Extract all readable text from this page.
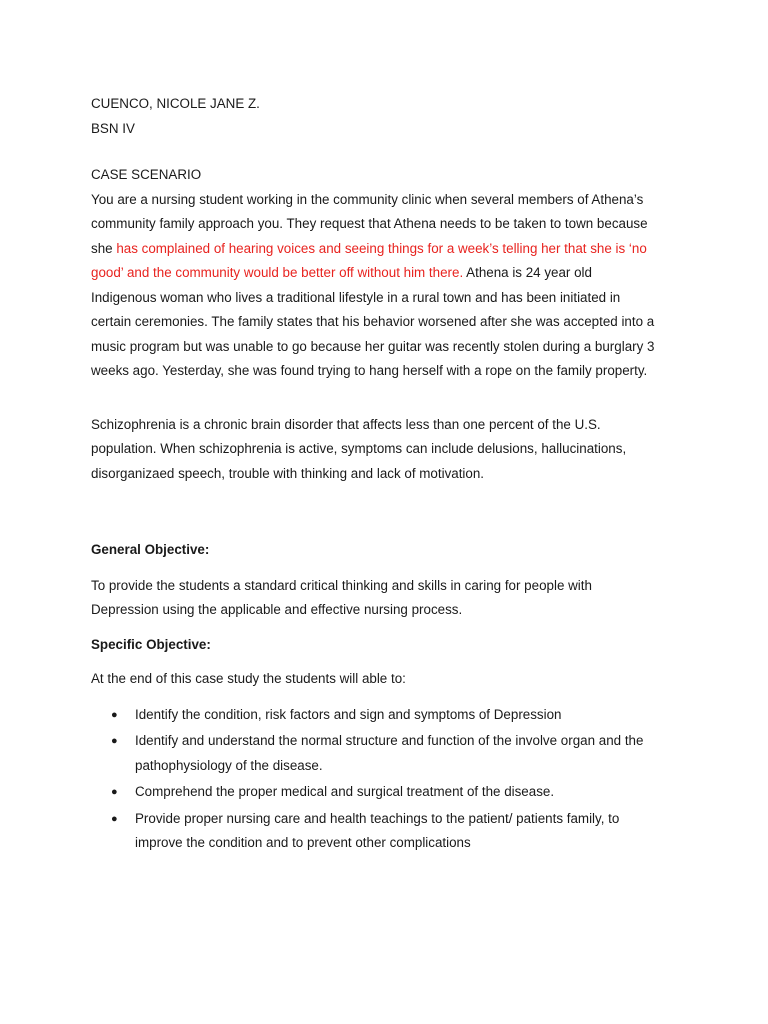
CUENCO, NICOLE JANE Z.
BSN IV
CASE SCENARIO
You are a nursing student working in the community clinic when several members of Athena’s
community family approach you. They request that Athena needs to be taken to town because
she has complained of hearing voices and seeing things for a week’s telling her that she is ‘no
good’ and the community would be better off without him there. Athena is 24 year old
Indigenous woman who lives a traditional lifestyle in a rural town and has been initiated in
certain ceremonies. The family states that his behavior worsened after she was accepted into a
music program but was unable to go because her guitar was recently stolen during a burglary 3
weeks ago. Yesterday, she was found trying to hang herself with a rope on the family property.
Schizophrenia is a chronic brain disorder that affects less than one percent of the U.S.
population. When schizophrenia is active, symptoms can include delusions, hallucinations,
disorganizaed speech, trouble with thinking and lack of motivation.
General Objective:
To provide the students a standard critical thinking and skills in caring for people with
Depression using the applicable and effective nursing process.
Specific Objective:
At the end of this case study the students will able to:
●
Identify the condition, risk factors and sign and symptoms of Depression
●
Identify and understand the normal structure and function of the involve organ and the
pathophysiology of the disease.
●
Comprehend the proper medical and surgical treatment of the disease.
●
Provide proper nursing care and health teachings to the patient/ patients family, to
improve the condition and to prevent other complications
